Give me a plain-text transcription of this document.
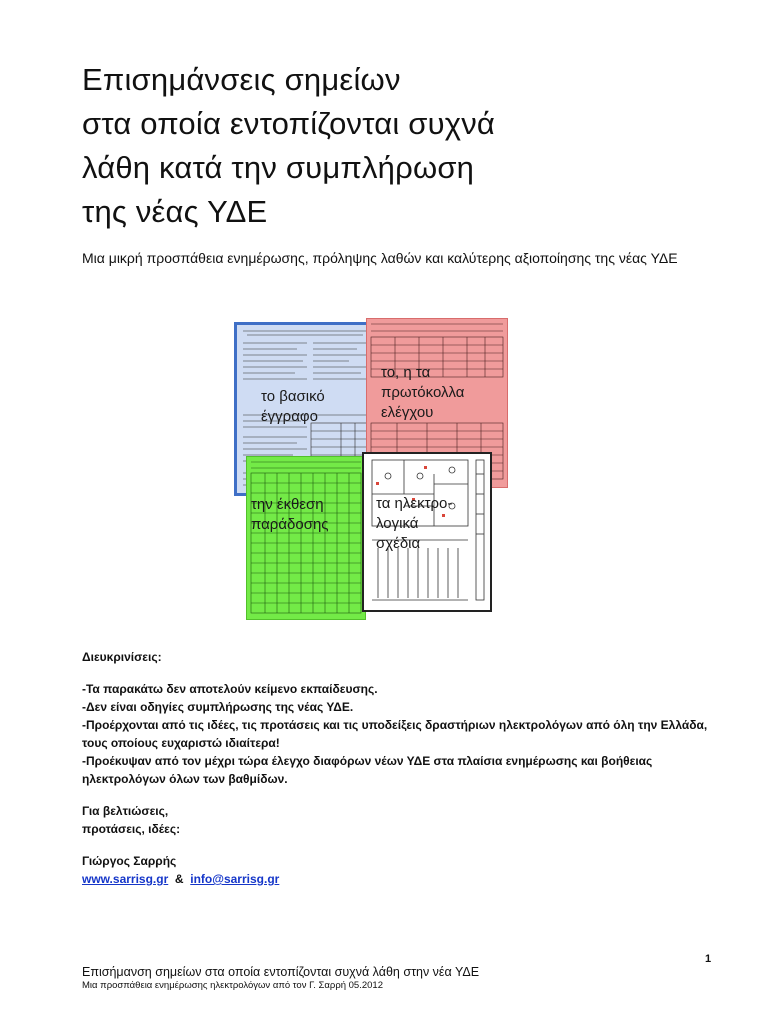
Επισημάνσεις σημείων
στα οποία εντοπίζονται συχνά
λάθη κατά την συμπλήρωση
της νέας ΥΔΕ
Μια μικρή προσπάθεια ενημέρωσης, πρόληψης λαθών και καλύτερης αξιοποίησης της νέας ΥΔΕ
το βασικό
έγγραφο
το, η τα
πρωτόκολλα
ελέγχου
την έκθεση
παράδοσης
τα ηλεκτρο-
λογικά
σχέδια

Διευκρινίσεις:

-Τα παρακάτω δεν αποτελούν κείμενο εκπαίδευσης.

-Δεν είναι οδηγίες συμπλήρωσης της νέας ΥΔΕ.

-Προέρχονται από τις ιδέες, τις προτάσεις και τις υποδείξεις δραστήριων ηλεκτρολόγων από όλη την Ελλάδα, τους οποίους ευχαριστώ ιδιαίτερα!

-Προέκυψαν από τον μέχρι τώρα έλεγχο διαφόρων νέων ΥΔΕ στα πλαίσια ενημέρωσης και βοήθειας ηλεκτρολόγων όλων των βαθμίδων.

Για βελτιώσεις,

προτάσεις, ιδέες:

Γιώργος Σαρρής

www.sarrisg.gr & info@sarrisg.gr

1
Επισήμανση σημείων στα οποία εντοπίζονται συχνά λάθη στην νέα ΥΔΕ
Μια προσπάθεια ενημέρωσης ηλεκτρολόγων από τον Γ. Σαρρή 05.2012
